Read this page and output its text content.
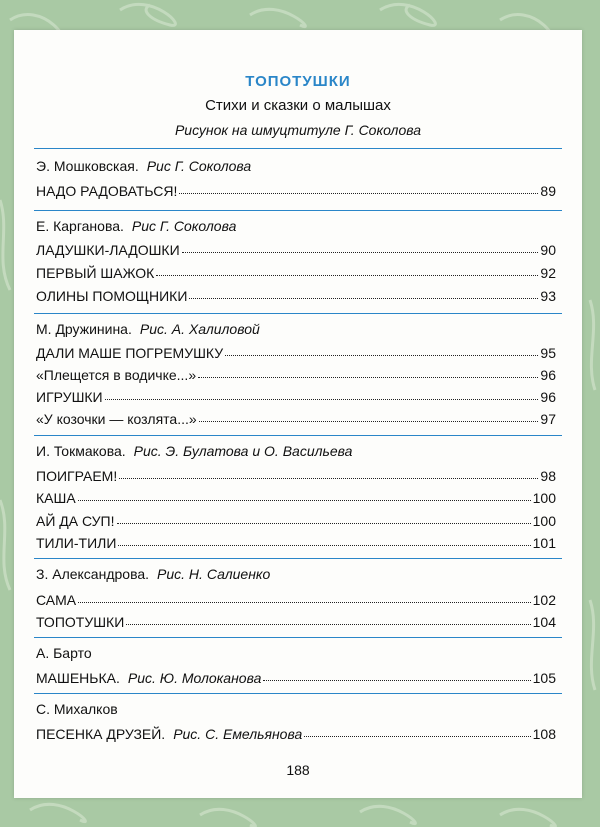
ТОПОТУШКИ
Стихи и сказки о малышах
Рисунок на шмуцтитуле Г. Соколова
Э. Мошковская. Рис Г. Соколова
НАДО РАДОВАТЬСЯ!	89
Е. Карганова. Рис Г. Соколова
ЛАДУШКИ-ЛАДОШКИ	90
ПЕРВЫЙ ШАЖОК	92
ОЛИНЫ ПОМОЩНИКИ	93
М. Дружинина. Рис. А. Халиловой
ДАЛИ МАШЕ ПОГРЕМУШКУ	95
«Плещется в водичке...»	96
ИГРУШКИ	96
«У козочки — козлята...»	97
И. Токмакова. Рис. Э. Булатова и О. Васильева
ПОИГРАЕМ!	98
КАША	100
АЙ ДА СУП!	100
ТИЛИ-ТИЛИ	101
З. Александрова. Рис. Н. Салиенко
САМА	102
ТОПОТУШКИ	104
А. Барто
МАШЕНЬКА. Рис. Ю. Молоканова	105
С. Михалков
ПЕСЕНКА ДРУЗЕЙ. Рис. С. Емельянова	108
188
